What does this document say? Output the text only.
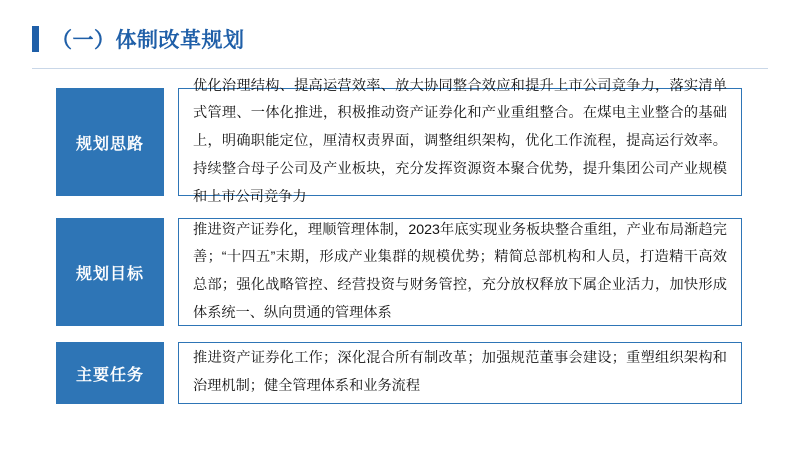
（一）体制改革规划
规划思路
优化治理结构、提高运营效率、放大协同整合效应和提升上市公司竞争力，落实清单式管理、一体化推进，积极推动资产证券化和产业重组整合。在煤电主业整合的基础上，明确职能定位，厘清权责界面，调整组织架构，优化工作流程，提高运行效率。持续整合母子公司及产业板块，充分发挥资源资本聚合优势，提升集团公司产业规模和上市公司竞争力
规划目标
推进资产证券化，理顺管理体制，2023年底实现业务板块整合重组，产业布局渐趋完善；“十四五”末期，形成产业集群的规模优势；精简总部机构和人员，打造精干高效总部；强化战略管控、经营投资与财务管控，充分放权释放下属企业活力，加快形成体系统一、纵向贯通的管理体系
主要任务
推进资产证券化工作；深化混合所有制改革；加强规范董事会建设；重塑组织架构和治理机制；健全管理体系和业务流程
